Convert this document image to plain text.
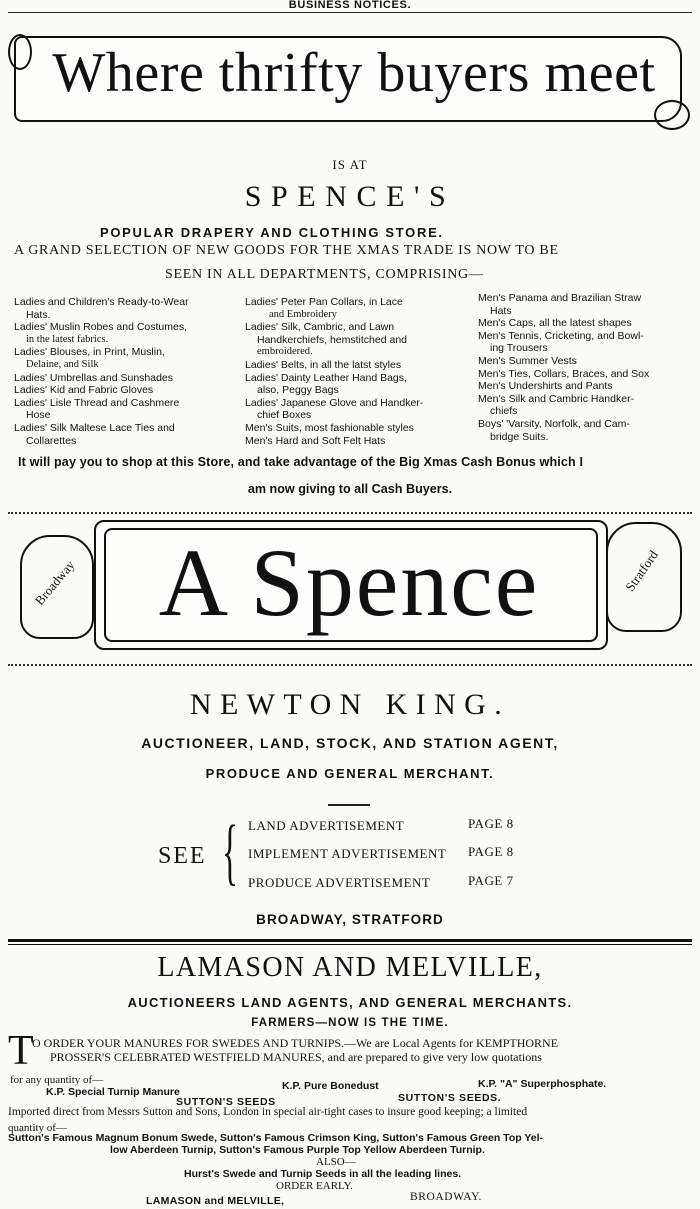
BUSINESS NOTICES.
Where thrifty buyers meet
IS AT
SPENCE'S
POPULAR DRAPERY AND CLOTHING STORE.
A GRAND SELECTION OF NEW GOODS FOR THE XMAS TRADE IS NOW TO BE
SEEN IN ALL DEPARTMENTS, COMPRISING—
Ladies and Children's Ready-to-Wear
Hats.
Ladies' Muslin Robes and Costumes,
in the latest fabrics.
Ladies' Blouses, in Print, Muslin,
Delaine, and Silk
Ladies' Umbrellas and Sunshades
Ladies' Kid and Fabric Gloves
Ladies' Lisle Thread and Cashmere
Hose
Ladies' Silk Maltese Lace Ties and
Collarettes
Ladies' Peter Pan Collars, in Lace
and Embroidery
Ladies' Silk, Cambric, and Lawn
Handkerchiefs, hemstitched and
embroidered.
Ladies' Belts, in all the latst styles
Ladies' Dainty Leather Hand Bags,
also, Peggy Bags
Ladies' Japanese Glove and Handker-
chief Boxes
Men's Suits, most fashionable styles
Men's Hard and Soft Felt Hats
Men's Panama and Brazilian Straw
Hats
Men's Caps, all the latest shapes
Men's Tennis, Cricketing, and Bowl-
ing Trousers
Men's Summer Vests
Men's Ties, Collars, Braces, and Sox
Men's Undershirts and Pants
Men's Silk and Cambric Handker-
chiefs
Boys' 'Varsity, Norfolk, and Cam-
bridge Suits.
It will pay you to shop at this Store, and take advantage of the Big Xmas Cash Bonus which I
am now giving to all Cash Buyers.
A Spence
Broadway	Stratford
NEWTON KING.
AUCTIONEER, LAND, STOCK, AND STATION AGENT,
PRODUCE AND GENERAL MERCHANT.
SEE { LAND ADVERTISEMENT	PAGE 8
IMPLEMENT ADVERTISEMENT PAGE 8
PRODUCE ADVERTISEMENT	PAGE 7
BROADWAY, STRATFORD
LAMASON AND MELVILLE,
AUCTIONEERS LAND AGENTS, AND GENERAL MERCHANTS.
FARMERS—NOW IS THE TIME.
T
O ORDER YOUR MANURES FOR SWEDES AND TURNIPS.—We are Local Agents for KEMPTHORNE
PROSSER'S CELEBRATED WESTFIELD MANURES, and are prepared to give very low quotations
for any quantity of—
K.P. Special Turnip Manure	K.P. Pure Bonedust	K.P. "A" Superphosphate.
SUTTON'S SEEDS	SUTTON'S SEEDS.
Imported direct from Messrs Sutton and Sons, London in special air-tight cases to insure good keeping; a limited
quantity of—
Sutton's Famous Magnum Bonum Swede, Sutton's Famous Crimson King, Sutton's Famous Green Top Yel-
low Aberdeen Turnip, Sutton's Famous Purple Top Yellow Aberdeen Turnip.
ALSO—
Hurst's Swede and Turnip Seeds in all the leading lines.
ORDER EARLY.
LAMASON and MELVILLE,	BROADWAY.
